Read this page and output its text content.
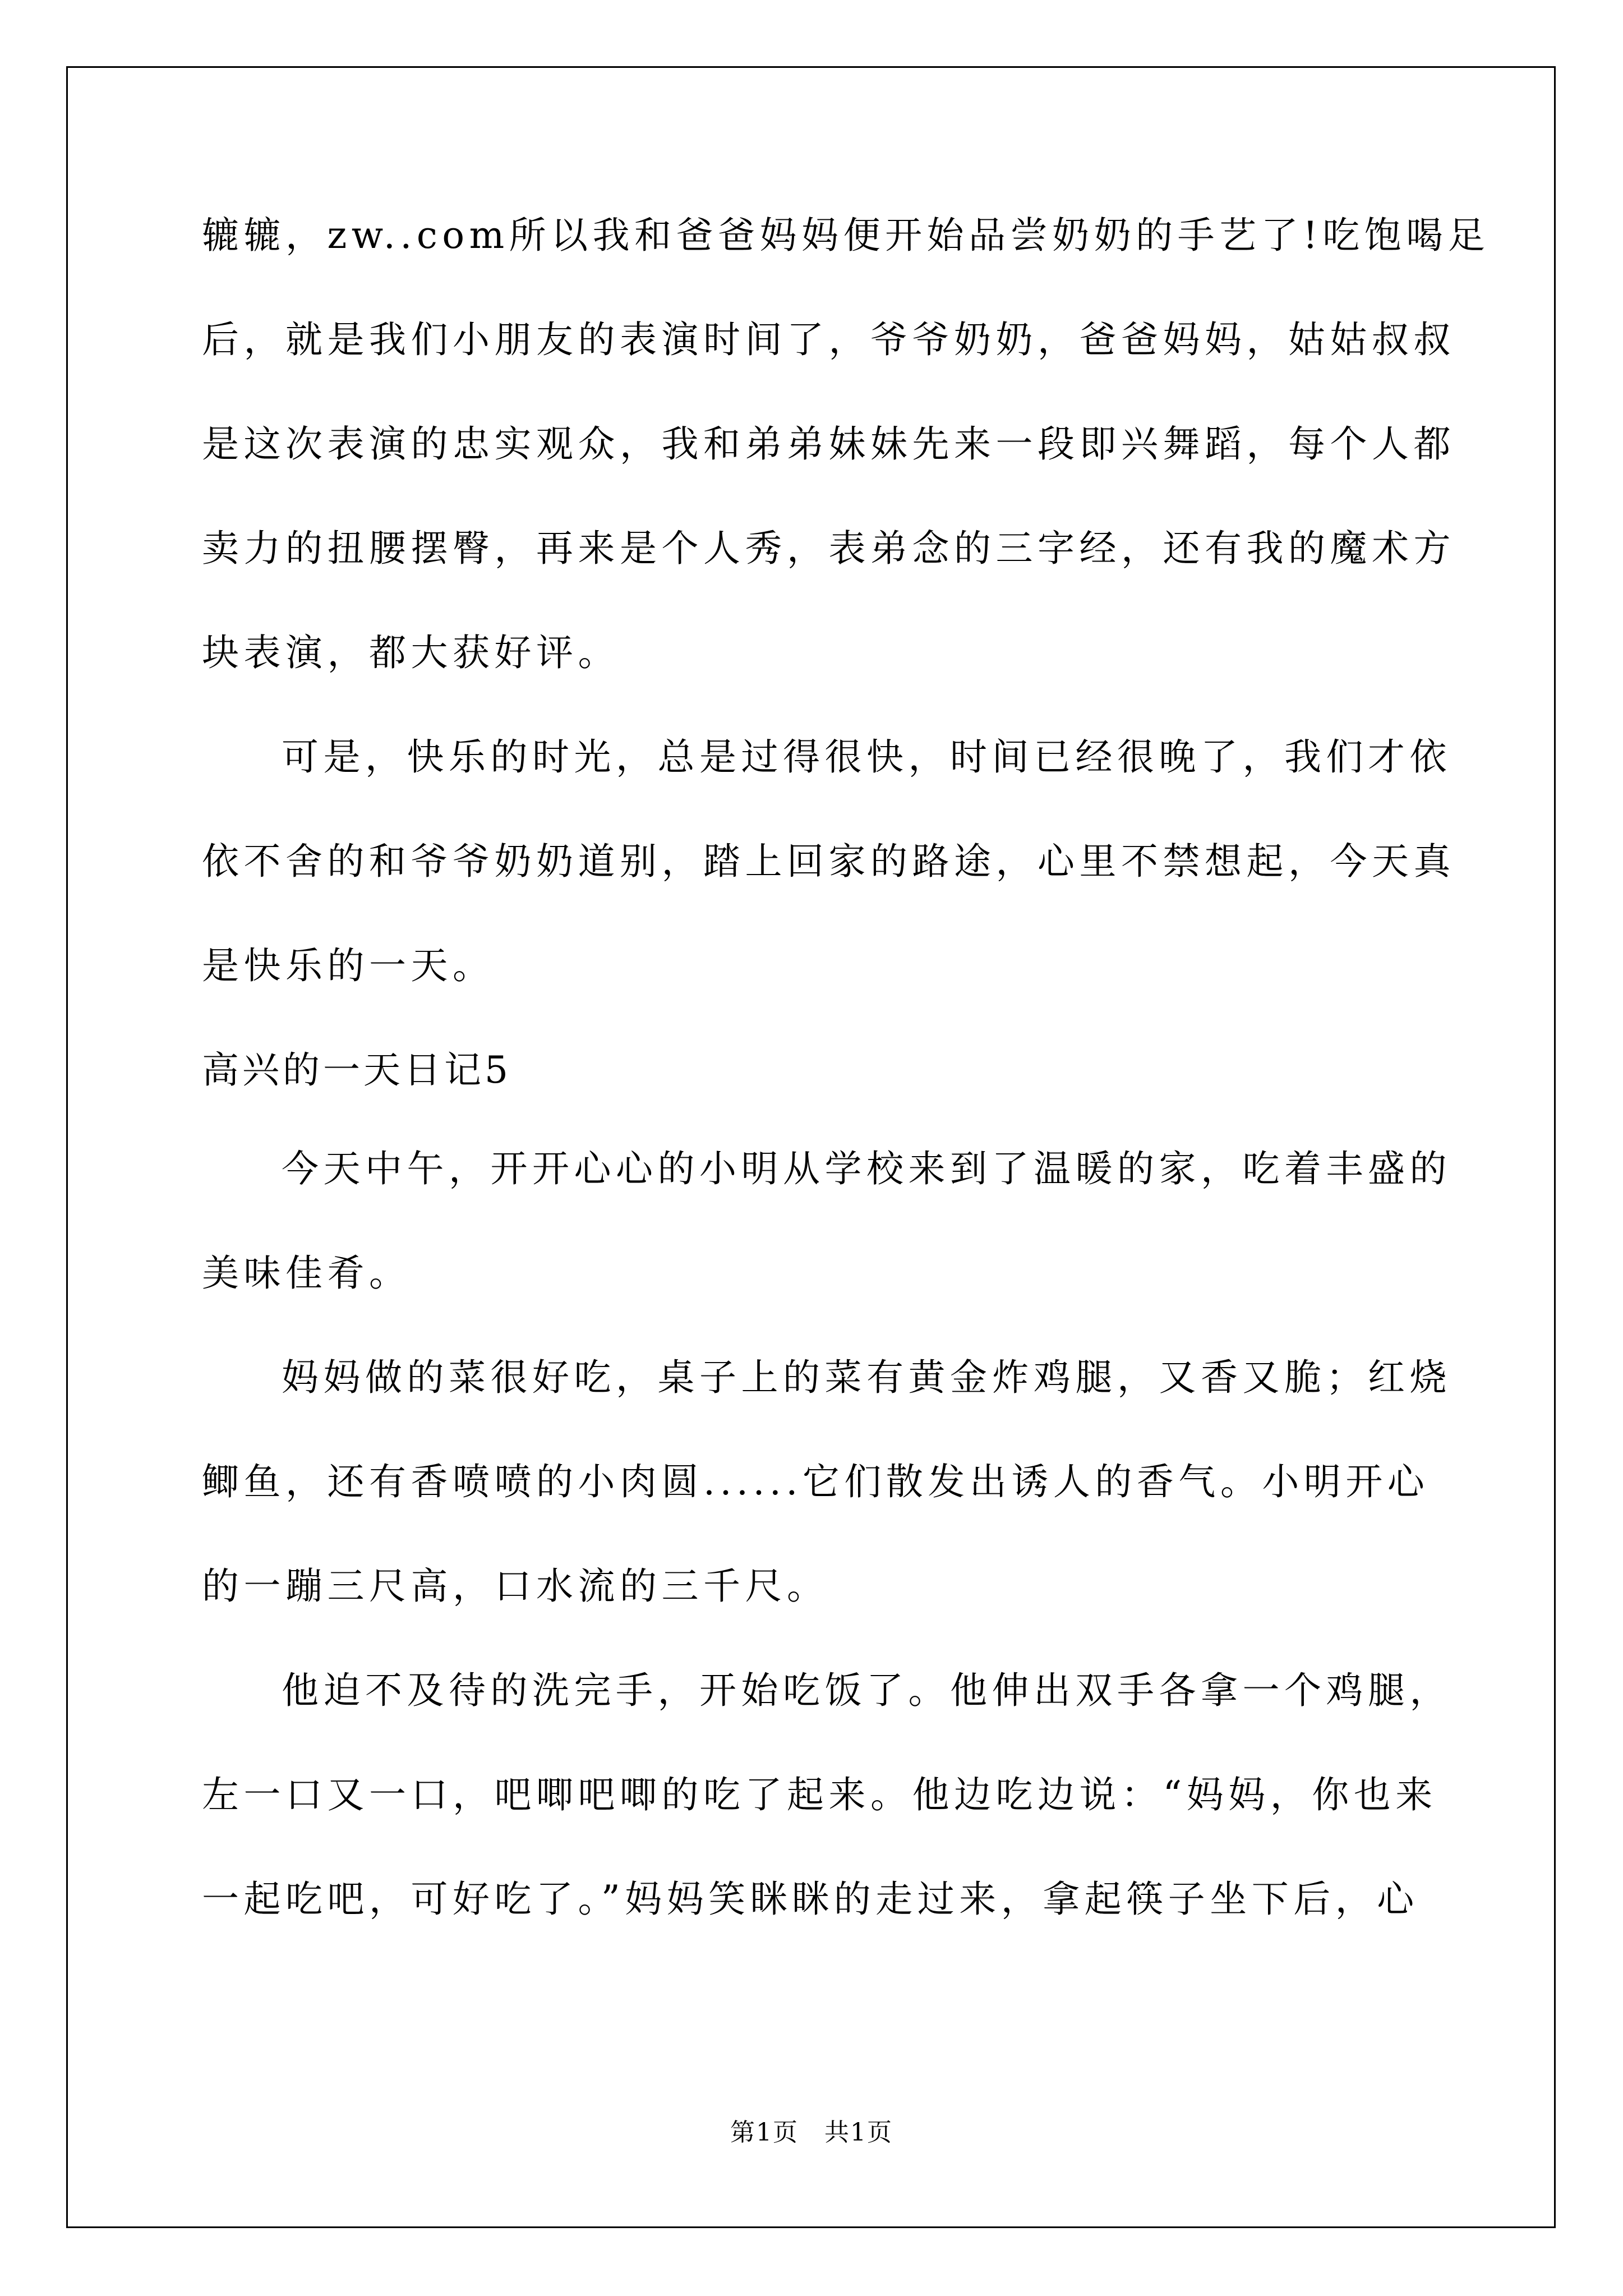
辘辘，zw..com所以我和爸爸妈妈便开始品尝奶奶的手艺了!吃饱喝足
后，就是我们小朋友的表演时间了，爷爷奶奶，爸爸妈妈，姑姑叔叔
是这次表演的忠实观众，我和弟弟妹妹先来一段即兴舞蹈，每个人都
卖力的扭腰摆臀，再来是个人秀，表弟念的三字经，还有我的魔术方
块表演，都大获好评。
可是，快乐的时光，总是过得很快，时间已经很晚了，我们才依
依不舍的和爷爷奶奶道别，踏上回家的路途，心里不禁想起，今天真
是快乐的一天。
高兴的一天日记5
今天中午，开开心心的小明从学校来到了温暖的家，吃着丰盛的
美味佳肴。
妈妈做的菜很好吃，桌子上的菜有黄金炸鸡腿，又香又脆；红烧
鲫鱼，还有香喷喷的小肉圆......它们散发出诱人的香气。小明开心
的一蹦三尺高，口水流的三千尺。
他迫不及待的洗完手，开始吃饭了。他伸出双手各拿一个鸡腿，
左一口又一口，吧唧吧唧的吃了起来。他边吃边说：“妈妈，你也来
一起吃吧，可好吃了。”妈妈笑眯眯的走过来，拿起筷子坐下后，心
第1页　共1页
